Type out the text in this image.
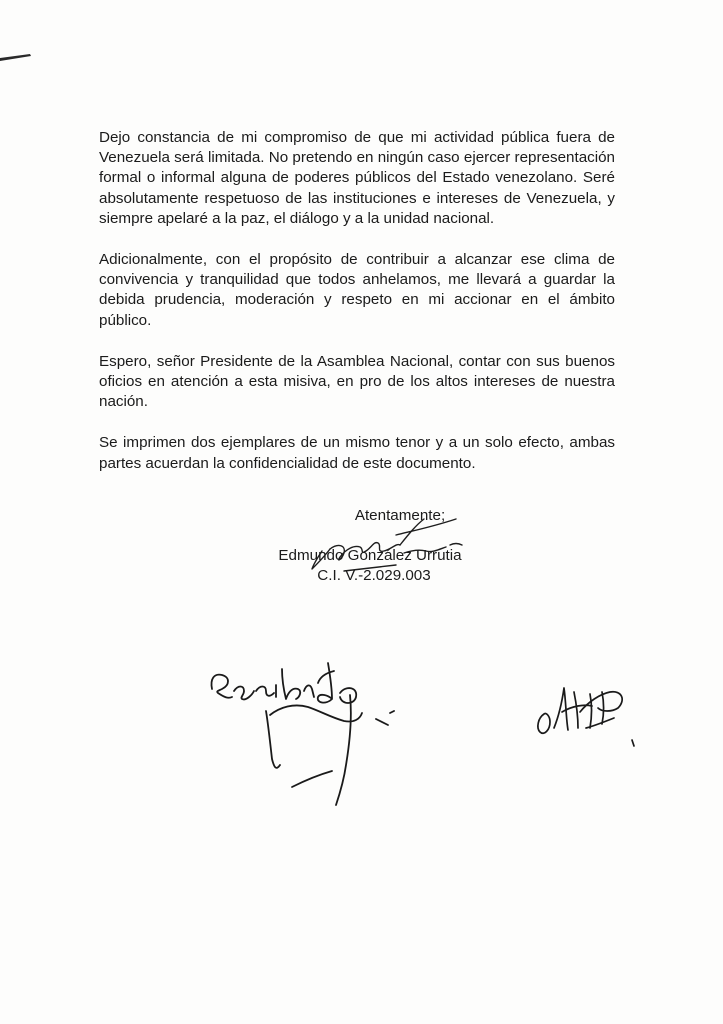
Dejo constancia de mi compromiso de que mi actividad pública fuera de Venezuela será limitada. No pretendo en ningún caso ejercer representación formal o informal alguna de poderes públicos del Estado venezolano. Seré absolutamente respetuoso de las instituciones e intereses de Venezuela, y siempre apelaré a la paz, el diálogo y a la unidad nacional.

Adicionalmente, con el propósito de contribuir a alcanzar ese clima de convivencia y tranquilidad que todos anhelamos, me llevará a guardar la debida prudencia, moderación y respeto en mi accionar en el ámbito público.

Espero, señor Presidente de la Asamblea Nacional, contar con sus buenos oficios en atención a esta misiva, en pro de los altos intereses de nuestra nación.

Se imprimen dos ejemplares de un mismo tenor y a un solo efecto, ambas partes acuerdan la confidencialidad de este documento.

Atentamente;
Edmundo González Urrutia
C.I. V.-2.029.003
